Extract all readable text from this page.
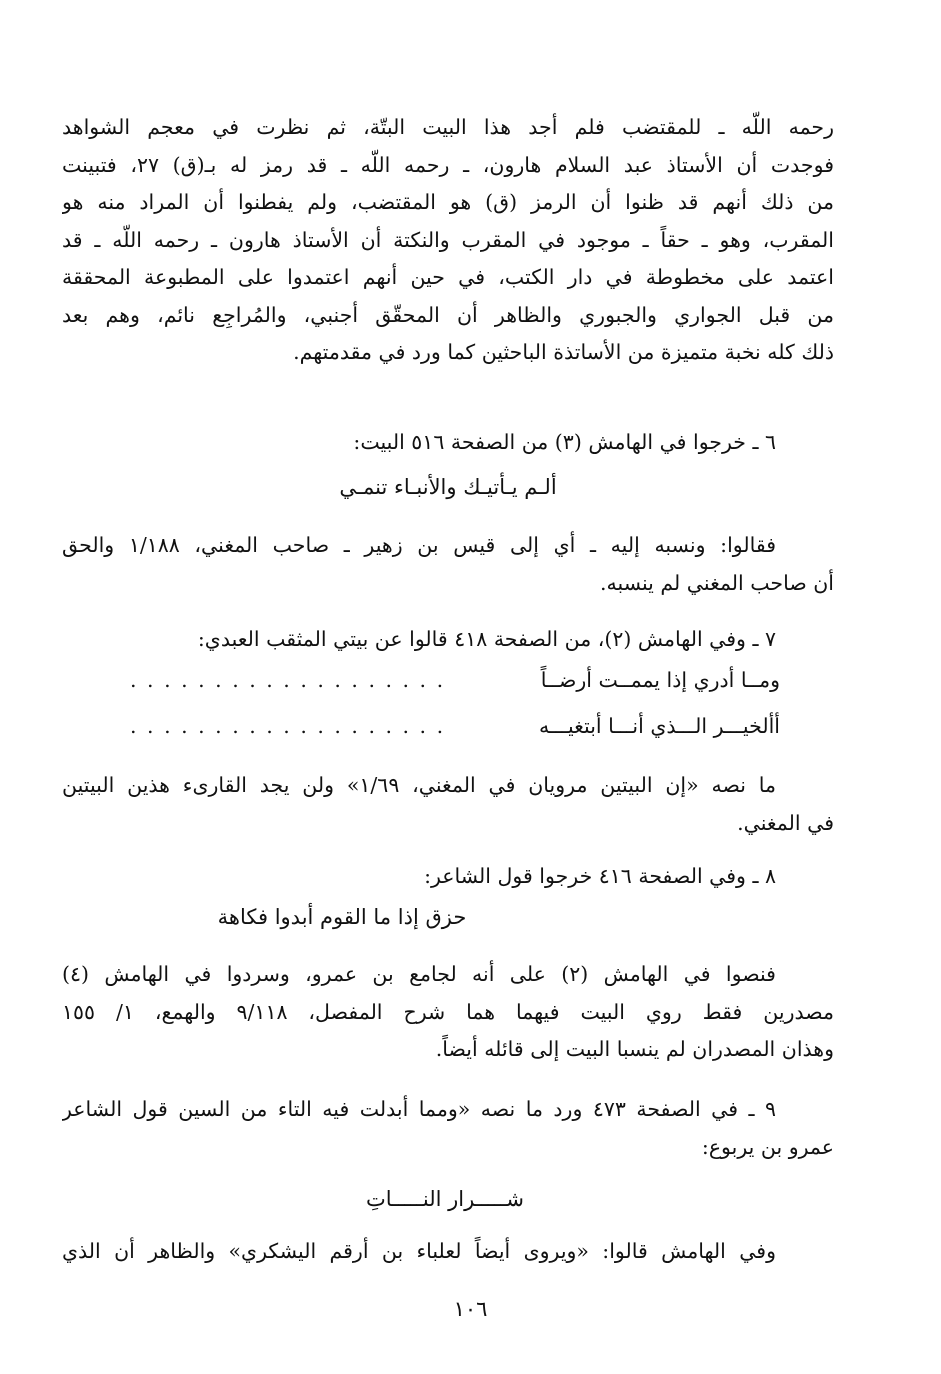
رحمه اللّه ـ للمقتضب فلم أجد هذا البيت البتّة، ثم نظرت في معجم الشواهد
فوجدت أن الأستاذ عبد السلام هارون، ـ رحمه اللّه ـ قد رمز له بـ(ق) ٢٧، فتبينت
من ذلك أنهم قد ظنوا أن الرمز (ق) هو المقتضب، ولم يفطنوا أن المراد منه هو
المقرب، وهو ـ حقاً ـ موجود في المقرب والنكتة أن الأستاذ هارون ـ رحمه اللّه ـ قد
اعتمد على مخطوطة في دار الكتب، في حين أنهم اعتمدوا على المطبوعة المحققة
من قبل الجواري والجبوري والظاهر أن المحقّق أجنبي، والمُراجِع نائم، وهم بعد
ذلك كله نخبة متميزة من الأساتذة الباحثين كما ورد في مقدمتهم.
٦ ـ خرجوا في الهامش (٣) من الصفحة ٥١٦ البيت:
ألـم يـأتيـك والأنبـاء تنمـي
فقالوا: ونسبه إليه ـ أي إلى قيس بن زهير ـ صاحب المغني، ١/١٨٨ والحق
أن صاحب المغني لم ينسبه.
٧ ـ وفي الهامش (٢)، من الصفحة ٤١٨ قالوا عن بيتي المثقب العبدي:
ومــا أدري إذا يممــت أرضــاً
. . . . . . . . . . . . . . . . . . .
أألخيـــر الـــذي أنـــا أبتغيـــه
. . . . . . . . . . . . . . . . . . .
ما نصه «إن البيتين مرويان في المغني، ١/٦٩» ولن يجد القارىء هذين البيتين
في المغني.
٨ ـ وفي الصفحة ٤١٦ خرجوا قول الشاعر:
حزق إذا ما القوم أبدوا فكاهة
فنصوا في الهامش (٢) على أنه لجامع بن عمرو، وسردوا في الهامش (٤)
مصدرين فقط روي البيت فيهما هما شرح المفصل، ٩/١١٨ والهمع، ١/ ١٥٥
وهذان المصدران لم ينسبا البيت إلى قائله أيضاً.
٩ ـ في الصفحة ٤٧٣ ورد ما نصه «ومما أبدلت فيه التاء من السين قول الشاعر
عمرو بن يربوع:
شـــــرار النـــــاتِ
وفي الهامش قالوا: «ويروى أيضاً لعلباء بن أرقم اليشكري» والظاهر أن الذي
١٠٦
